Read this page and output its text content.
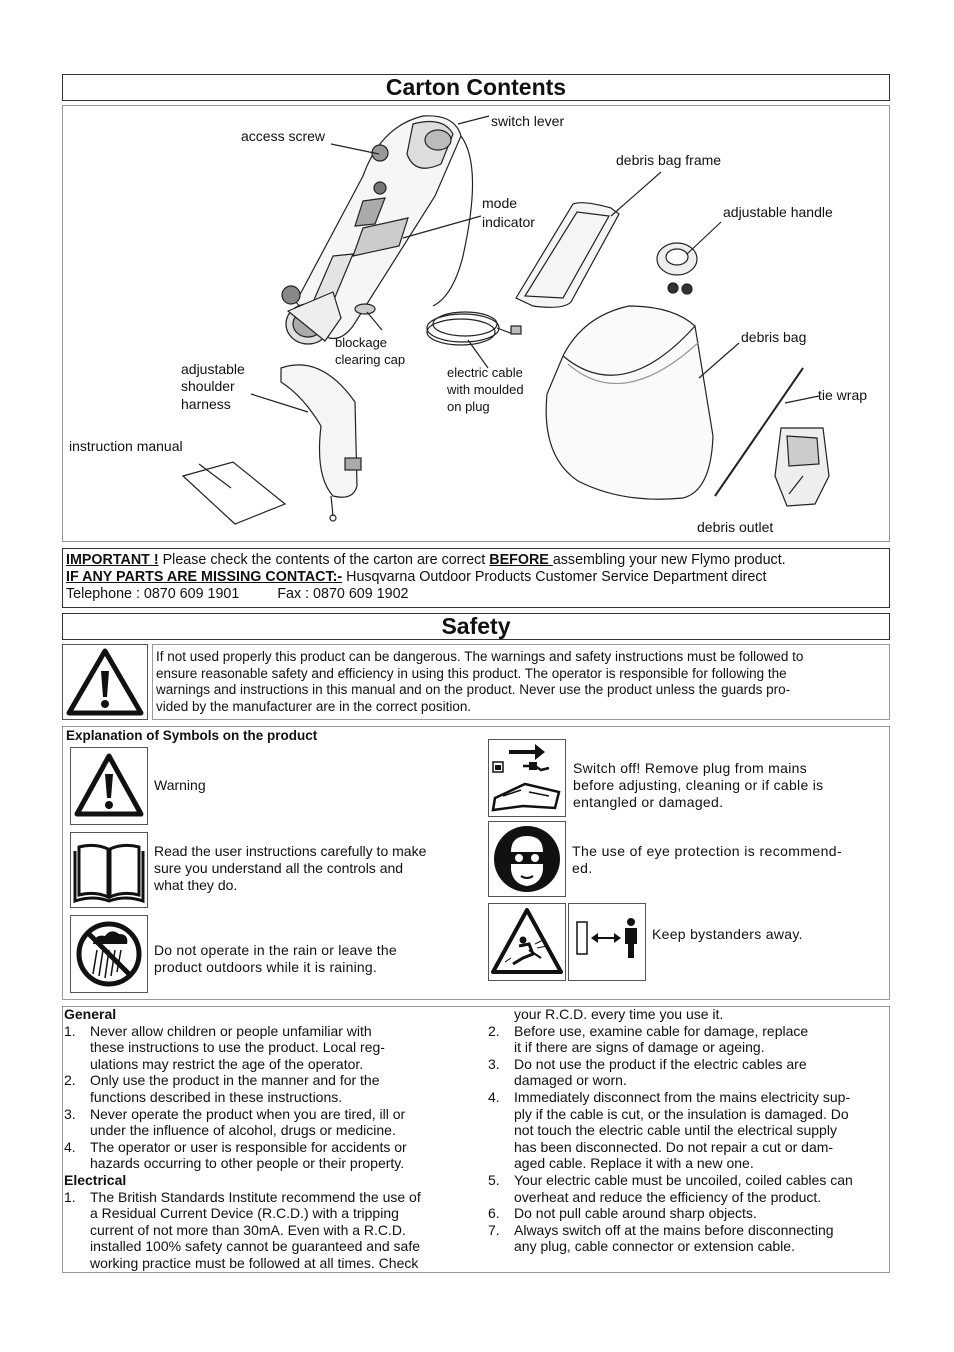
Carton Contents
access screw
switch lever
debris bag frame
mode
indicator
adjustable handle
debris bag
blockage
clearing cap
adjustable
shoulder
harness
electric cable
with moulded
on plug
tie wrap
instruction manual
debris outlet
IMPORTANT ! Please check the contents of the carton are correct BEFORE assembling your new Flymo product.
IF ANY PARTS ARE MISSING CONTACT:- Husqvarna Outdoor Products Customer Service Department direct
Telephone : 0870 609 1901	Fax : 0870 609 1902
Safety
If not used properly this product can be dangerous. The warnings and safety instructions must be followed to
ensure reasonable safety and efficiency in using this product. The operator is responsible for following the
warnings and instructions in this manual and on the product. Never use the product unless the guards pro-
vided by the manufacturer are in the correct position.
Explanation of Symbols on the product
Warning
Read the user instructions carefully to make
sure you understand all the controls and
what they do.
Do not operate in the rain or leave the
product outdoors while it is raining.
Switch off! Remove plug from mains
before adjusting, cleaning or if cable is
entangled or damaged.
The use of eye protection is recommend-
ed.
Keep bystanders away.
General
1.	Never allow children or people unfamiliar with
these instructions to use the product. Local reg-
ulations may restrict the age of the operator.
2.	Only use the product in the manner and for the
functions described in these instructions.
3.	Never operate the product when you are tired, ill or
under the influence of alcohol, drugs or medicine.
4.	The operator or user is responsible for accidents or
hazards occurring to other people or their property.
Electrical
1.	The British Standards Institute recommend the use of
a Residual Current Device (R.C.D.) with a tripping
current of not more than 30mA. Even with a R.C.D.
installed 100% safety cannot be guaranteed and safe
working practice must be followed at all times. Check
your R.C.D. every time you use it.
2.	Before use, examine cable for damage, replace
it if there are signs of damage or ageing.
3.	Do not use the product if the electric cables are
damaged or worn.
4.	Immediately disconnect from the mains electricity sup-
ply if the cable is cut, or the insulation is damaged. Do
not touch the electric cable until the electrical supply
has been disconnected. Do not repair a cut or dam-
aged cable. Replace it with a new one.
5.	Your electric cable must be uncoiled, coiled cables can
overheat and reduce the efficiency of the product.
6.	Do not pull cable around sharp objects.
7.	Always switch off at the mains before disconnecting
any plug, cable connector or extension cable.
